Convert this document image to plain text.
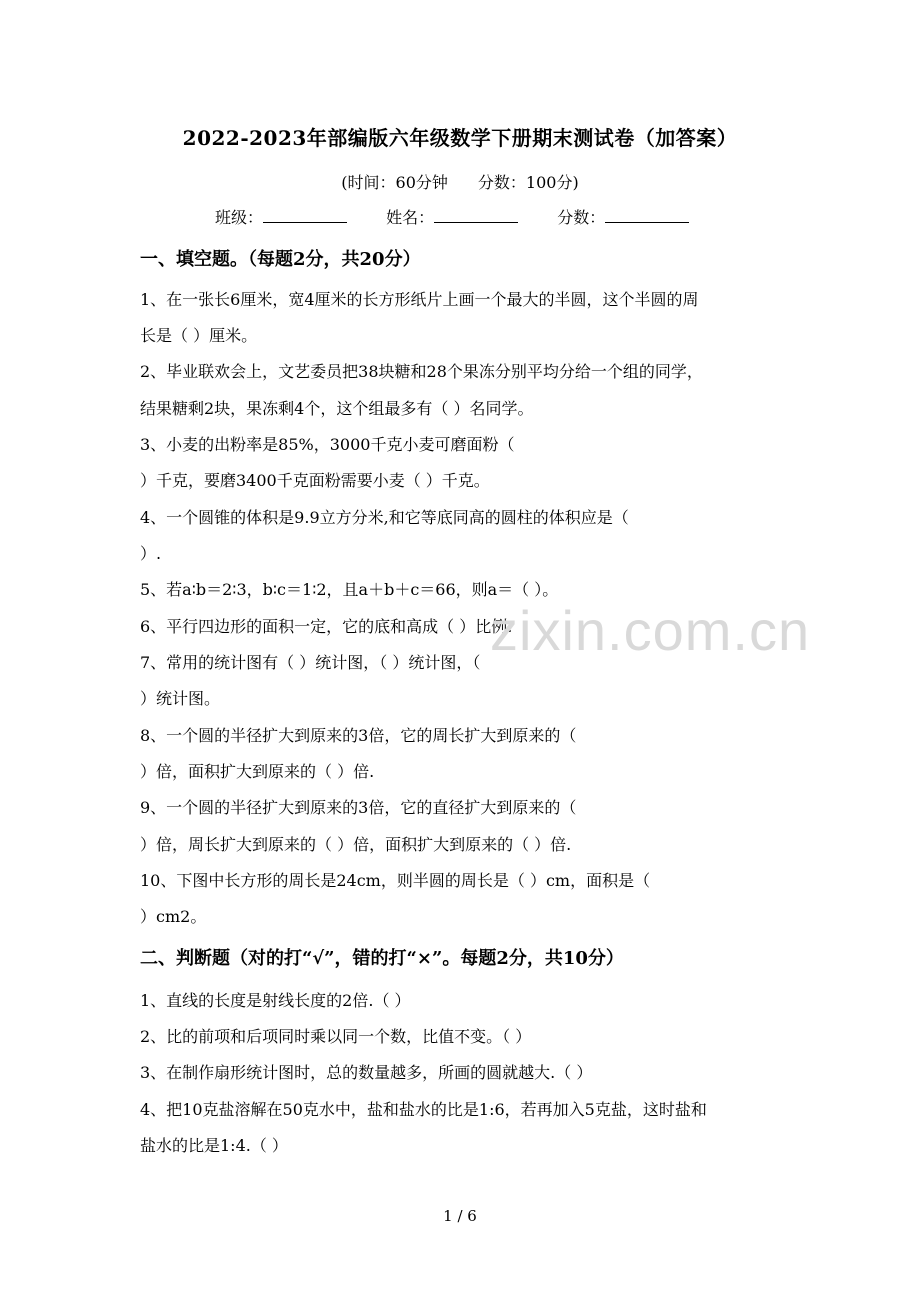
2022-2023年部编版六年级数学下册期末测试卷（加答案）
(时间：60分钟 分数：100分)
班级：	姓名：	分数：
一、填空题。（每题2分，共20分）
1、在一张长6厘米，宽4厘米的长方形纸片上画一个最大的半圆，这个半圆的周
长是（ ）厘米。
2、毕业联欢会上，文艺委员把38块糖和28个果冻分别平均分给一个组的同学，
结果糖剩2块，果冻剩4个，这个组最多有（ ）名同学。
3、小麦的出粉率是85%，3000千克小麦可磨面粉（
）千克，要磨3400千克面粉需要小麦（ ）千克。
4、一个圆锥的体积是9.9立方分米,和它等底同高的圆柱的体积应是（
）.
5、若a∶b＝2∶3，b∶c＝1∶2，且a＋b＋c＝66，则a＝（ ）。
6、平行四边形的面积一定，它的底和高成（ ）比例.
7、常用的统计图有（ ）统计图，（ ）统计图，（
）统计图。
8、一个圆的半径扩大到原来的3倍，它的周长扩大到原来的（
）倍，面积扩大到原来的（ ）倍.
9、一个圆的半径扩大到原来的3倍，它的直径扩大到原来的（
）倍，周长扩大到原来的（ ）倍，面积扩大到原来的（ ）倍.
10、下图中长方形的周长是24cm，则半圆的周长是（ ）cm，面积是（
）cm2。
二、判断题（对的打“√”，错的打“×”。每题2分，共10分）
1、直线的长度是射线长度的2倍.（ ）
2、比的前项和后项同时乘以同一个数，比值不变。（ ）
3、在制作扇形统计图时，总的数量越多，所画的圆就越大.（ ）
4、把10克盐溶解在50克水中，盐和盐水的比是1:6，若再加入5克盐，这时盐和
盐水的比是1:4.（ ）
zixin.com.cn
1 / 6
